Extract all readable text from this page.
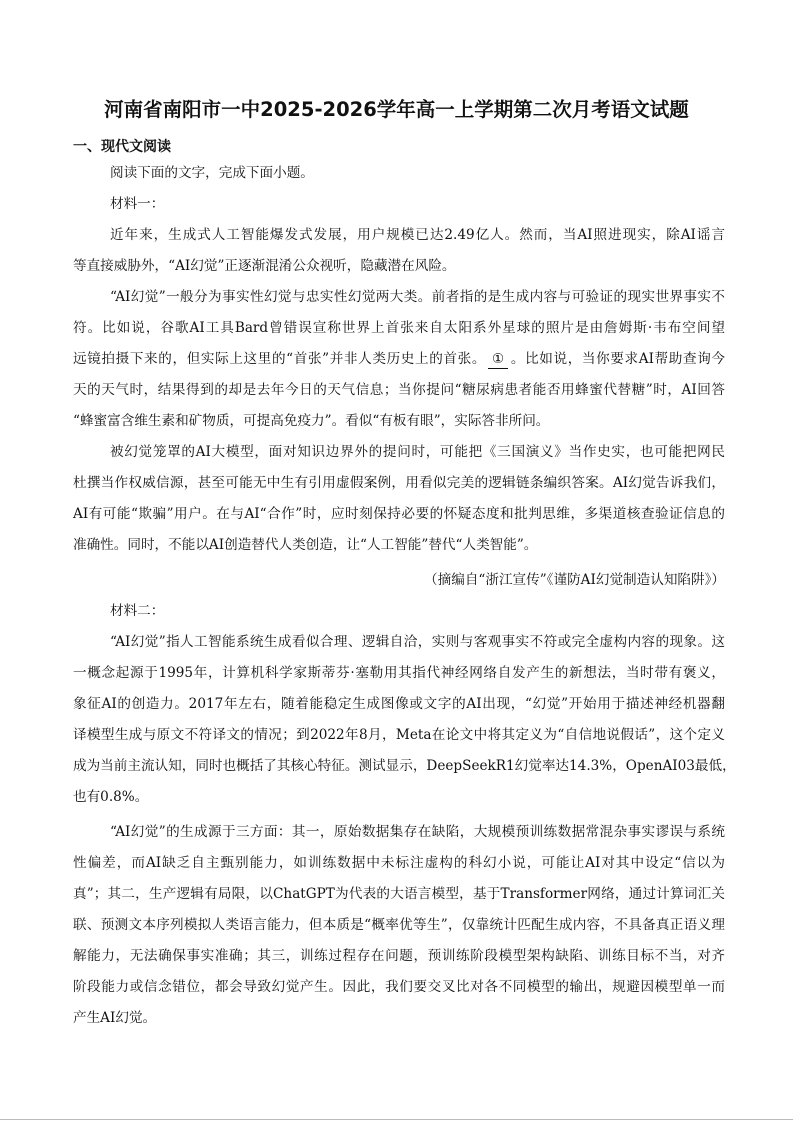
河南省南阳市一中2025-2026学年高一上学期第二次月考语文试题
一、现代文阅读
阅读下面的文字，完成下面小题。
材料一：
近年来，生成式人工智能爆发式发展，用户规模已达2.49亿人。然而，当AI照进现实，除AI谣言
等直接威胁外，“AI幻觉”正逐渐混淆公众视听，隐藏潜在风险。
“AI幻觉”一般分为事实性幻觉与忠实性幻觉两大类。前者指的是生成内容与可验证的现实世界事实不
符。比如说，谷歌AI工具Bard曾错误宣称世界上首张来自太阳系外星球的照片是由詹姆斯·韦布空间望
远镜拍摄下来的，但实际上这里的“首张”并非人类历史上的首张。 ① 。比如说，当你要求AI帮助查询今
天的天气时，结果得到的却是去年今日的天气信息；当你提问“糖尿病患者能否用蜂蜜代替糖”时，AI回答
“蜂蜜富含维生素和矿物质，可提高免疫力”。看似“有板有眼”，实际答非所问。
被幻觉笼罩的AI大模型，面对知识边界外的提问时，可能把《三国演义》当作史实，也可能把网民
杜撰当作权威信源，甚至可能无中生有引用虚假案例，用看似完美的逻辑链条编织答案。AI幻觉告诉我们，
AI有可能“欺骗”用户。在与AI“合作”时，应时刻保持必要的怀疑态度和批判思维，多渠道核查验证信息的
准确性。同时，不能以AI创造替代人类创造，让“人工智能”替代“人类智能”。
（摘编自“浙江宣传”《谨防AI幻觉制造认知陷阱》）
材料二：
“AI幻觉”指人工智能系统生成看似合理、逻辑自洽，实则与客观事实不符或完全虚构内容的现象。这
一概念起源于1995年，计算机科学家斯蒂芬·塞勒用其指代神经网络自发产生的新想法，当时带有褒义，
象征AI的创造力。2017年左右，随着能稳定生成图像或文字的AI出现，“幻觉”开始用于描述神经机器翻
译模型生成与原文不符译文的情况；到2022年8月，Meta在论文中将其定义为“自信地说假话”，这个定义
成为当前主流认知，同时也概括了其核心特征。测试显示，DeepSeekR1幻觉率达14.3%，OpenAI03最低，
也有0.8%。
“AI幻觉”的生成源于三方面：其一，原始数据集存在缺陷，大规模预训练数据常混杂事实谬误与系统
性偏差，而AI缺乏自主甄别能力，如训练数据中未标注虚构的科幻小说，可能让AI对其中设定“信以为
真”；其二，生产逻辑有局限，以ChatGPT为代表的大语言模型，基于Transformer网络，通过计算词汇关
联、预测文本序列模拟人类语言能力，但本质是“概率优等生”，仅靠统计匹配生成内容，不具备真正语义理
解能力，无法确保事实准确；其三，训练过程存在问题，预训练阶段模型架构缺陷、训练目标不当，对齐
阶段能力或信念错位，都会导致幻觉产生。因此，我们要交叉比对各不同模型的输出，规避因模型单一而
产生AI幻觉。
